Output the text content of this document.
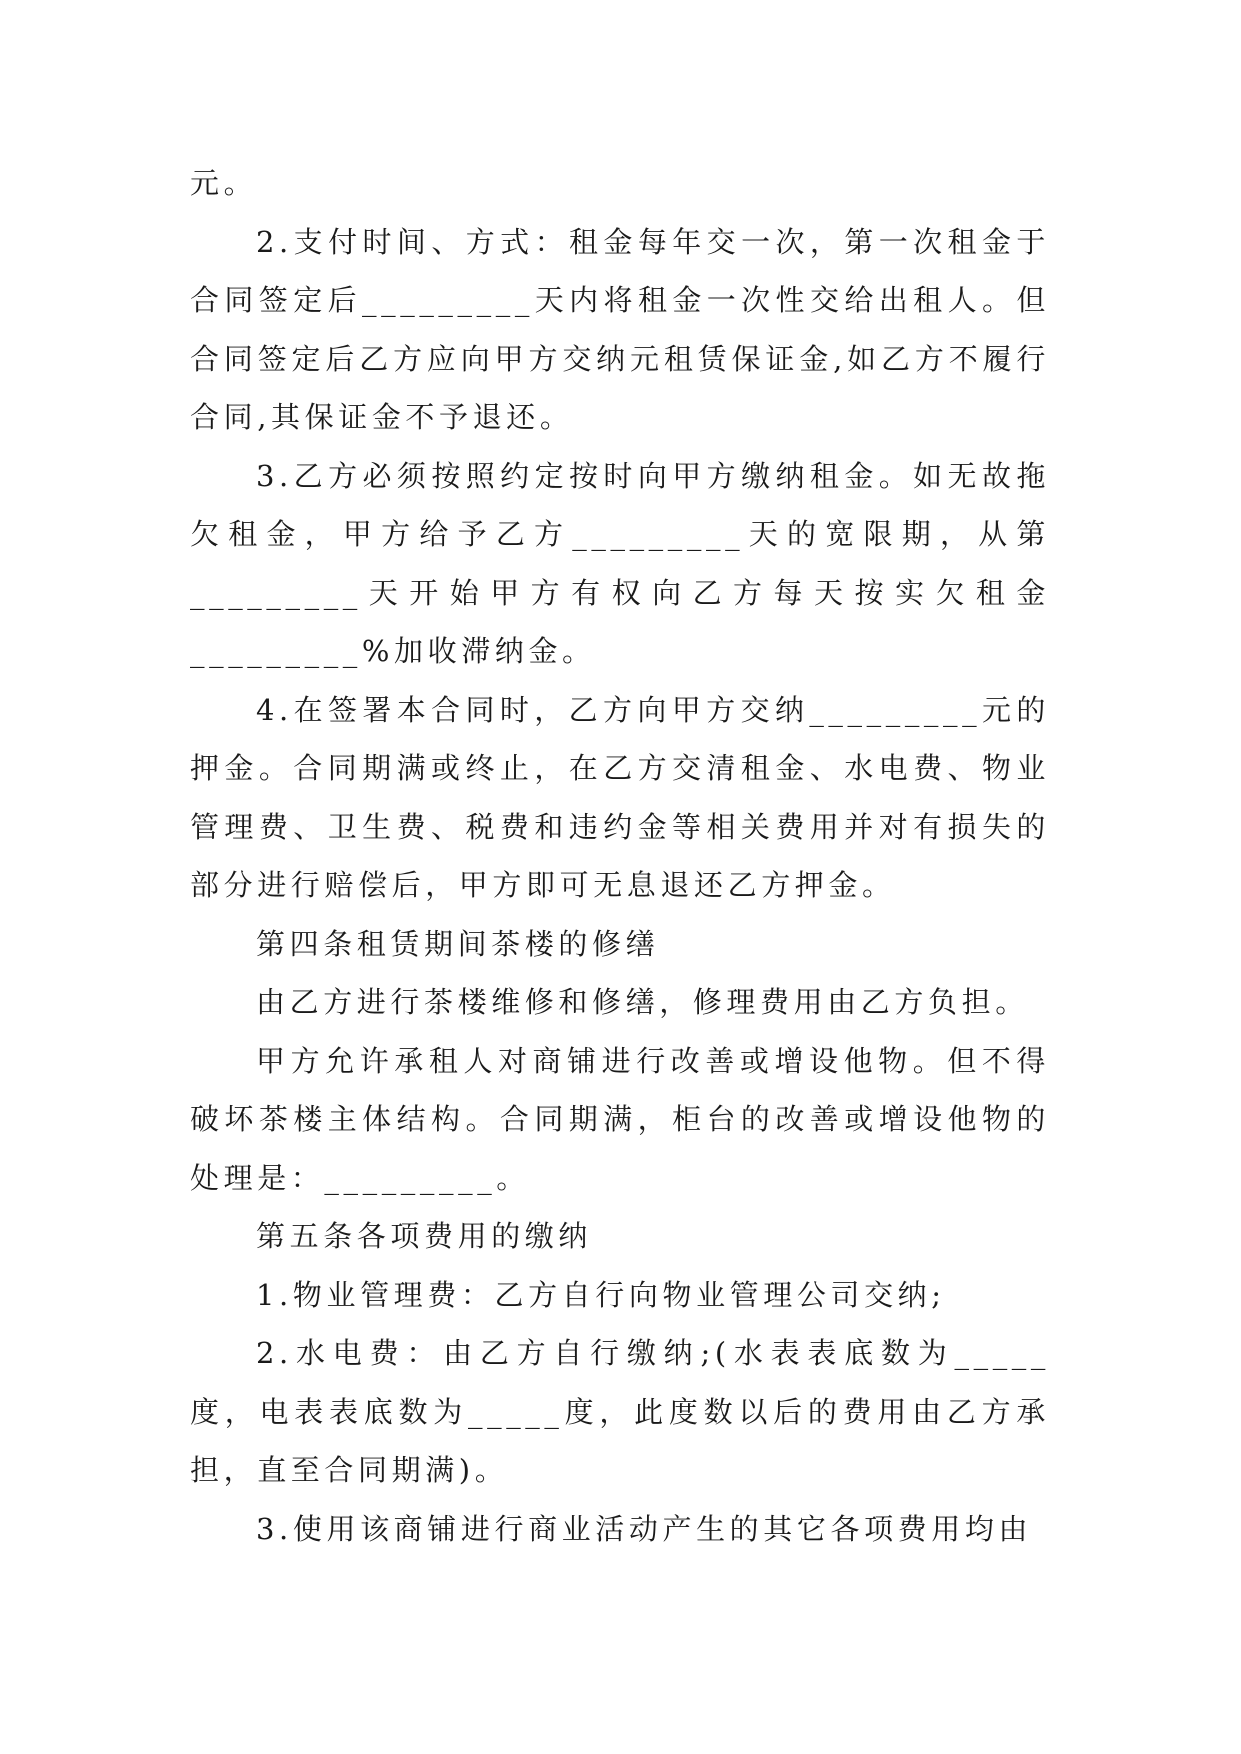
元。

2.支付时间、方式：租金每年交一次，第一次租金于合同签定后_________天内将租金一次性交给出租人。但合同签定后乙方应向甲方交纳元租赁保证金,如乙方不履行合同,其保证金不予退还。

3.乙方必须按照约定按时向甲方缴纳租金。如无故拖欠租金，甲方给予乙方_________天的宽限期，从第_________天开始甲方有权向乙方每天按实欠租金_________%加收滞纳金。

4.在签署本合同时，乙方向甲方交纳_________元的押金。合同期满或终止，在乙方交清租金、水电费、物业管理费、卫生费、税费和违约金等相关费用并对有损失的部分进行赔偿后，甲方即可无息退还乙方押金。

第四条租赁期间茶楼的修缮

由乙方进行茶楼维修和修缮，修理费用由乙方负担。

甲方允许承租人对商铺进行改善或增设他物。但不得破坏茶楼主体结构。合同期满，柜台的改善或增设他物的处理是：_________。

第五条各项费用的缴纳

1.物业管理费：乙方自行向物业管理公司交纳;

2.水电费：由乙方自行缴纳;(水表表底数为_____度，电表表底数为_____度，此度数以后的费用由乙方承担，直至合同期满)。

3.使用该商铺进行商业活动产生的其它各项费用均由
